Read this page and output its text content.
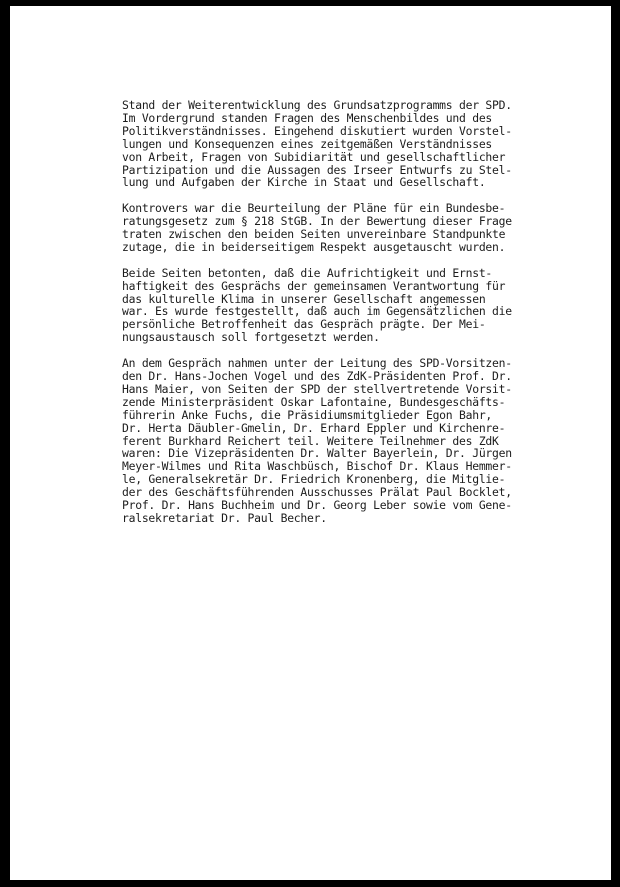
Stand der Weiterentwicklung des Grundsatzprogramms der SPD.
Im Vordergrund standen Fragen des Menschenbildes und des
Politikverständnisses. Eingehend diskutiert wurden Vorstel-
lungen und Konsequenzen eines zeitgemäßen Verständnisses
von Arbeit, Fragen von Subidiarität und gesellschaftlicher
Partizipation und die Aussagen des Irseer Entwurfs zu Stel-
lung und Aufgaben der Kirche in Staat und Gesellschaft.

Kontrovers war die Beurteilung der Pläne für ein Bundesbe-
ratungsgesetz zum § 218 StGB. In der Bewertung dieser Frage
traten zwischen den beiden Seiten unvereinbare Standpunkte
zutage, die in beiderseitigem Respekt ausgetauscht wurden.

Beide Seiten betonten, daß die Aufrichtigkeit und Ernst-
haftigkeit des Gesprächs der gemeinsamen Verantwortung für
das kulturelle Klima in unserer Gesellschaft angemessen
war. Es wurde festgestellt, daß auch im Gegensätzlichen die
persönliche Betroffenheit das Gespräch prägte. Der Mei-
nungsaustausch soll fortgesetzt werden.

An dem Gespräch nahmen unter der Leitung des SPD-Vorsitzen-
den Dr. Hans-Jochen Vogel und des ZdK-Präsidenten Prof. Dr.
Hans Maier, von Seiten der SPD der stellvertretende Vorsit-
zende Ministerpräsident Oskar Lafontaine, Bundesgeschäfts-
führerin Anke Fuchs, die Präsidiumsmitglieder Egon Bahr,
Dr. Herta Däubler-Gmelin, Dr. Erhard Eppler und Kirchenre-
ferent Burkhard Reichert teil. Weitere Teilnehmer des ZdK
waren: Die Vizepräsidenten Dr. Walter Bayerlein, Dr. Jürgen
Meyer-Wilmes und Rita Waschbüsch, Bischof Dr. Klaus Hemmer-
le, Generalsekretär Dr. Friedrich Kronenberg, die Mitglie-
der des Geschäftsführenden Ausschusses Prälat Paul Bocklet,
Prof. Dr. Hans Buchheim und Dr. Georg Leber sowie vom Gene-
ralsekretariat Dr. Paul Becher.
